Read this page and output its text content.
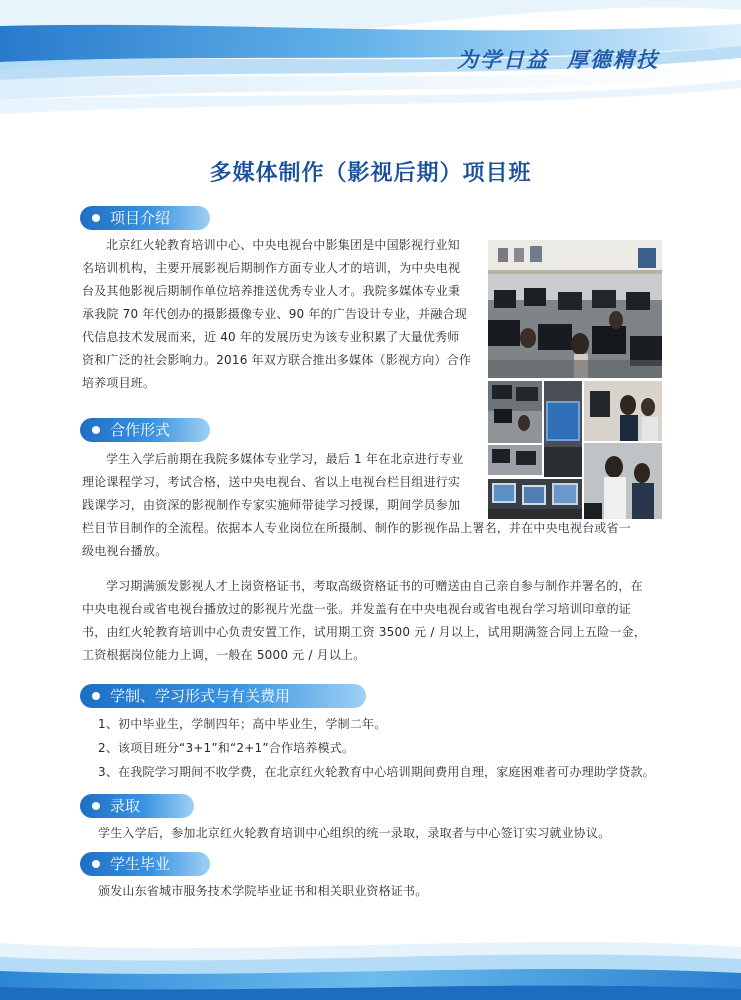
为学日益 厚德精技
多媒体制作（影视后期）项目班
项目介绍
北京红火轮教育培训中心、中央电视台中影集团是中国影视行业知
名培训机构，主要开展影视后期制作方面专业人才的培训，为中央电视
台及其他影视后期制作单位培养推送优秀专业人才。我院多媒体专业秉
承我院 70 年代创办的摄影摄像专业、90 年的广告设计专业，并融合现
代信息技术发展而来，近 40 年的发展历史为该专业积累了大量优秀师
资和广泛的社会影响力。2016 年双方联合推出多媒体（影视方向）合作
培养项目班。
合作形式
学生入学后前期在我院多媒体专业学习，最后 1 年在北京进行专业
理论课程学习，考试合格，送中央电视台、省以上电视台栏目组进行实
践课学习，由资深的影视制作专家实施师带徒学习授课，期间学员参加
栏目节目制作的全流程。依据本人专业岗位在所摄制、制作的影视作品上署名，并在中央电视台或省一
级电视台播放。
学习期满颁发影视人才上岗资格证书，考取高级资格证书的可赠送由自己亲自参与制作并署名的，在
中央电视台或省电视台播放过的影视片光盘一张。并发盖有在中央电视台或省电视台学习培训印章的证
书，由红火轮教育培训中心负责安置工作，试用期工资 3500 元 / 月以上，试用期满签合同上五险一金，
工资根据岗位能力上调，一般在 5000 元 / 月以上。
学制、学习形式与有关费用
1、初中毕业生，学制四年；高中毕业生，学制二年。
2、该项目班分“3+1”和“2+1”合作培养模式。
3、在我院学习期间不收学费，在北京红火轮教育中心培训期间费用自理，家庭困难者可办理助学贷款。
录取
学生入学后，参加北京红火轮教育培训中心组织的统一录取，录取者与中心签订实习就业协议。
学生毕业
颁发山东省城市服务技术学院毕业证书和相关职业资格证书。
